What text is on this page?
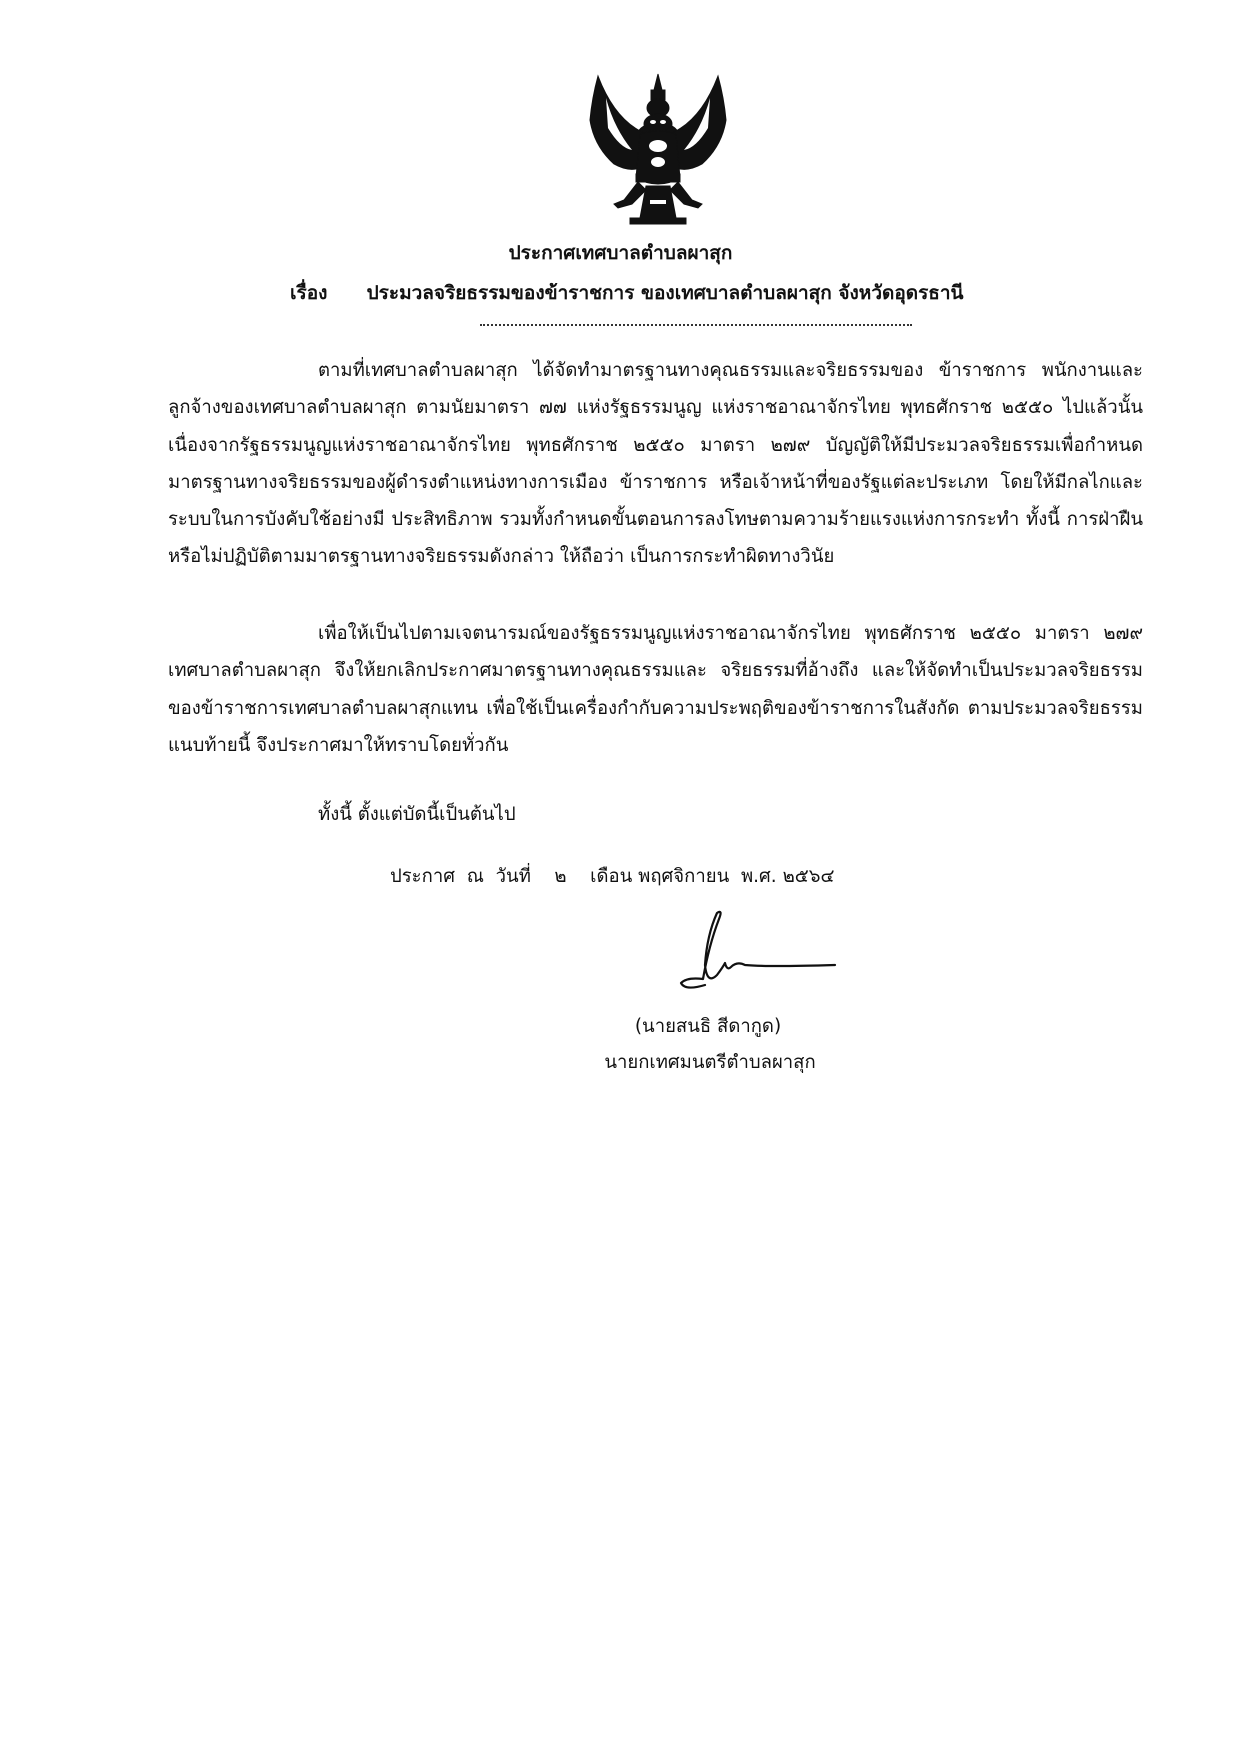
ประกาศเทศบาลตำบลผาสุก
เรื่อง ประมวลจริยธรรมของข้าราชการ ของเทศบาลตำบลผาสุก จังหวัดอุดรธานี
ตามที่เทศบาลตำบลผาสุก ได้จัดทำมาตรฐานทางคุณธรรมและจริยธรรมของ ข้าราชการ พนักงานและลูกจ้างของเทศบาลตำบลผาสุก ตามนัยมาตรา ๗๗ แห่งรัฐธรรมนูญ แห่งราชอาณาจักรไทย พุทธศักราช ๒๕๕๐ ไปแล้วนั้น เนื่องจากรัฐธรรมนูญแห่งราชอาณาจักรไทย พุทธศักราช ๒๕๕๐ มาตรา ๒๗๙ บัญญัติให้มีประมวลจริยธรรมเพื่อกำหนดมาตรฐานทางจริยธรรมของผู้ดำรงตำแหน่งทางการเมือง ข้าราชการ หรือเจ้าหน้าที่ของรัฐแต่ละประเภท โดยให้มีกลไกและระบบในการบังคับใช้อย่างมี ประสิทธิภาพ รวมทั้งกำหนดขั้นตอนการลงโทษตามความร้ายแรงแห่งการกระทำ ทั้งนี้ การฝ่าฝืน หรือไม่ปฏิบัติตามมาตรฐานทางจริยธรรมดังกล่าว ให้ถือว่า เป็นการกระทำผิดทางวินัย
เพื่อให้เป็นไปตามเจตนารมณ์ของรัฐธรรมนูญแห่งราชอาณาจักรไทย พุทธศักราช ๒๕๕๐ มาตรา ๒๗๙ เทศบาลตำบลผาสุก จึงให้ยกเลิกประกาศมาตรฐานทางคุณธรรมและ จริยธรรมที่อ้างถึง และให้จัดทำเป็นประมวลจริยธรรมของข้าราชการเทศบาลตำบลผาสุกแทน เพื่อใช้เป็นเครื่องกำกับความประพฤติของข้าราชการในสังกัด ตามประมวลจริยธรรมแนบท้ายนี้ จึงประกาศมาให้ทราบโดยทั่วกัน
ทั้งนี้ ตั้งแต่บัดนี้เป็นต้นไป
ประกาศ ณ วันที่ ๒ เดือน พฤศจิกายน พ.ศ. ๒๕๖๔
(นายสนธิ สีดากูด)
นายกเทศมนตรีตำบลผาสุก
